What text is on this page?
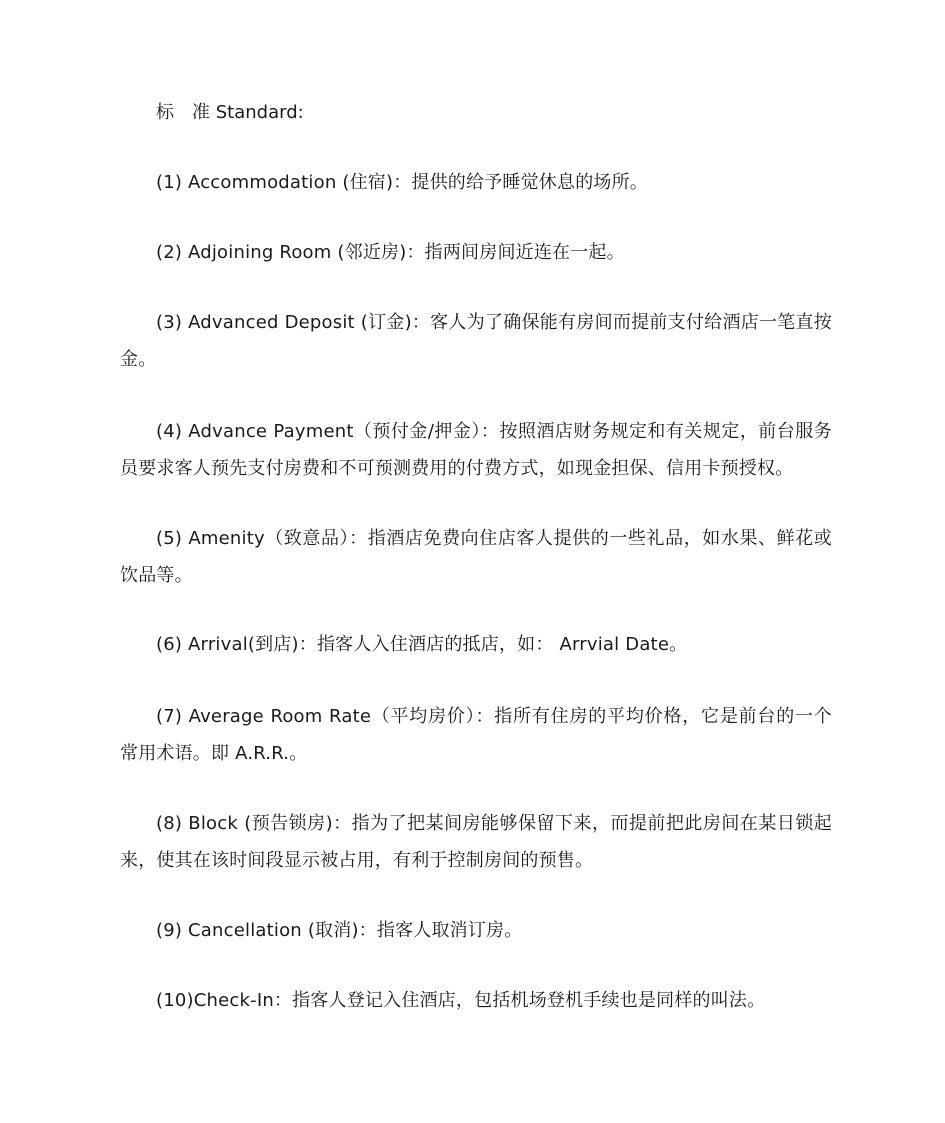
标 准 Standard:

(1) Accommodation (住宿)：提供的给予睡觉休息的场所。

(2) Adjoining Room (邻近房)：指两间房间近连在一起。

(3) Advanced Deposit (订金)：客人为了确保能有房间而提前支付给酒店一笔直按金。

(4) Advance Payment（预付金/押金）：按照酒店财务规定和有关规定，前台服务员要求客人预先支付房费和不可预测费用的付费方式，如现金担保、信用卡预授权。

(5) Amenity（致意品）：指酒店免费向住店客人提供的一些礼品，如水果、鲜花或饮品等。

(6) Arrival(到店)：指客人入住酒店的抵店，如： Arrvial Date。

(7) Average Room Rate（平均房价）：指所有住房的平均价格，它是前台的一个常用术语。即 A.R.R.。

(8) Block (预告锁房)：指为了把某间房能够保留下来，而提前把此房间在某日锁起来，使其在该时间段显示被占用，有利于控制房间的预售。

(9) Cancellation (取消)：指客人取消订房。

(10)Check-In：指客人登记入住酒店，包括机场登机手续也是同样的叫法。
